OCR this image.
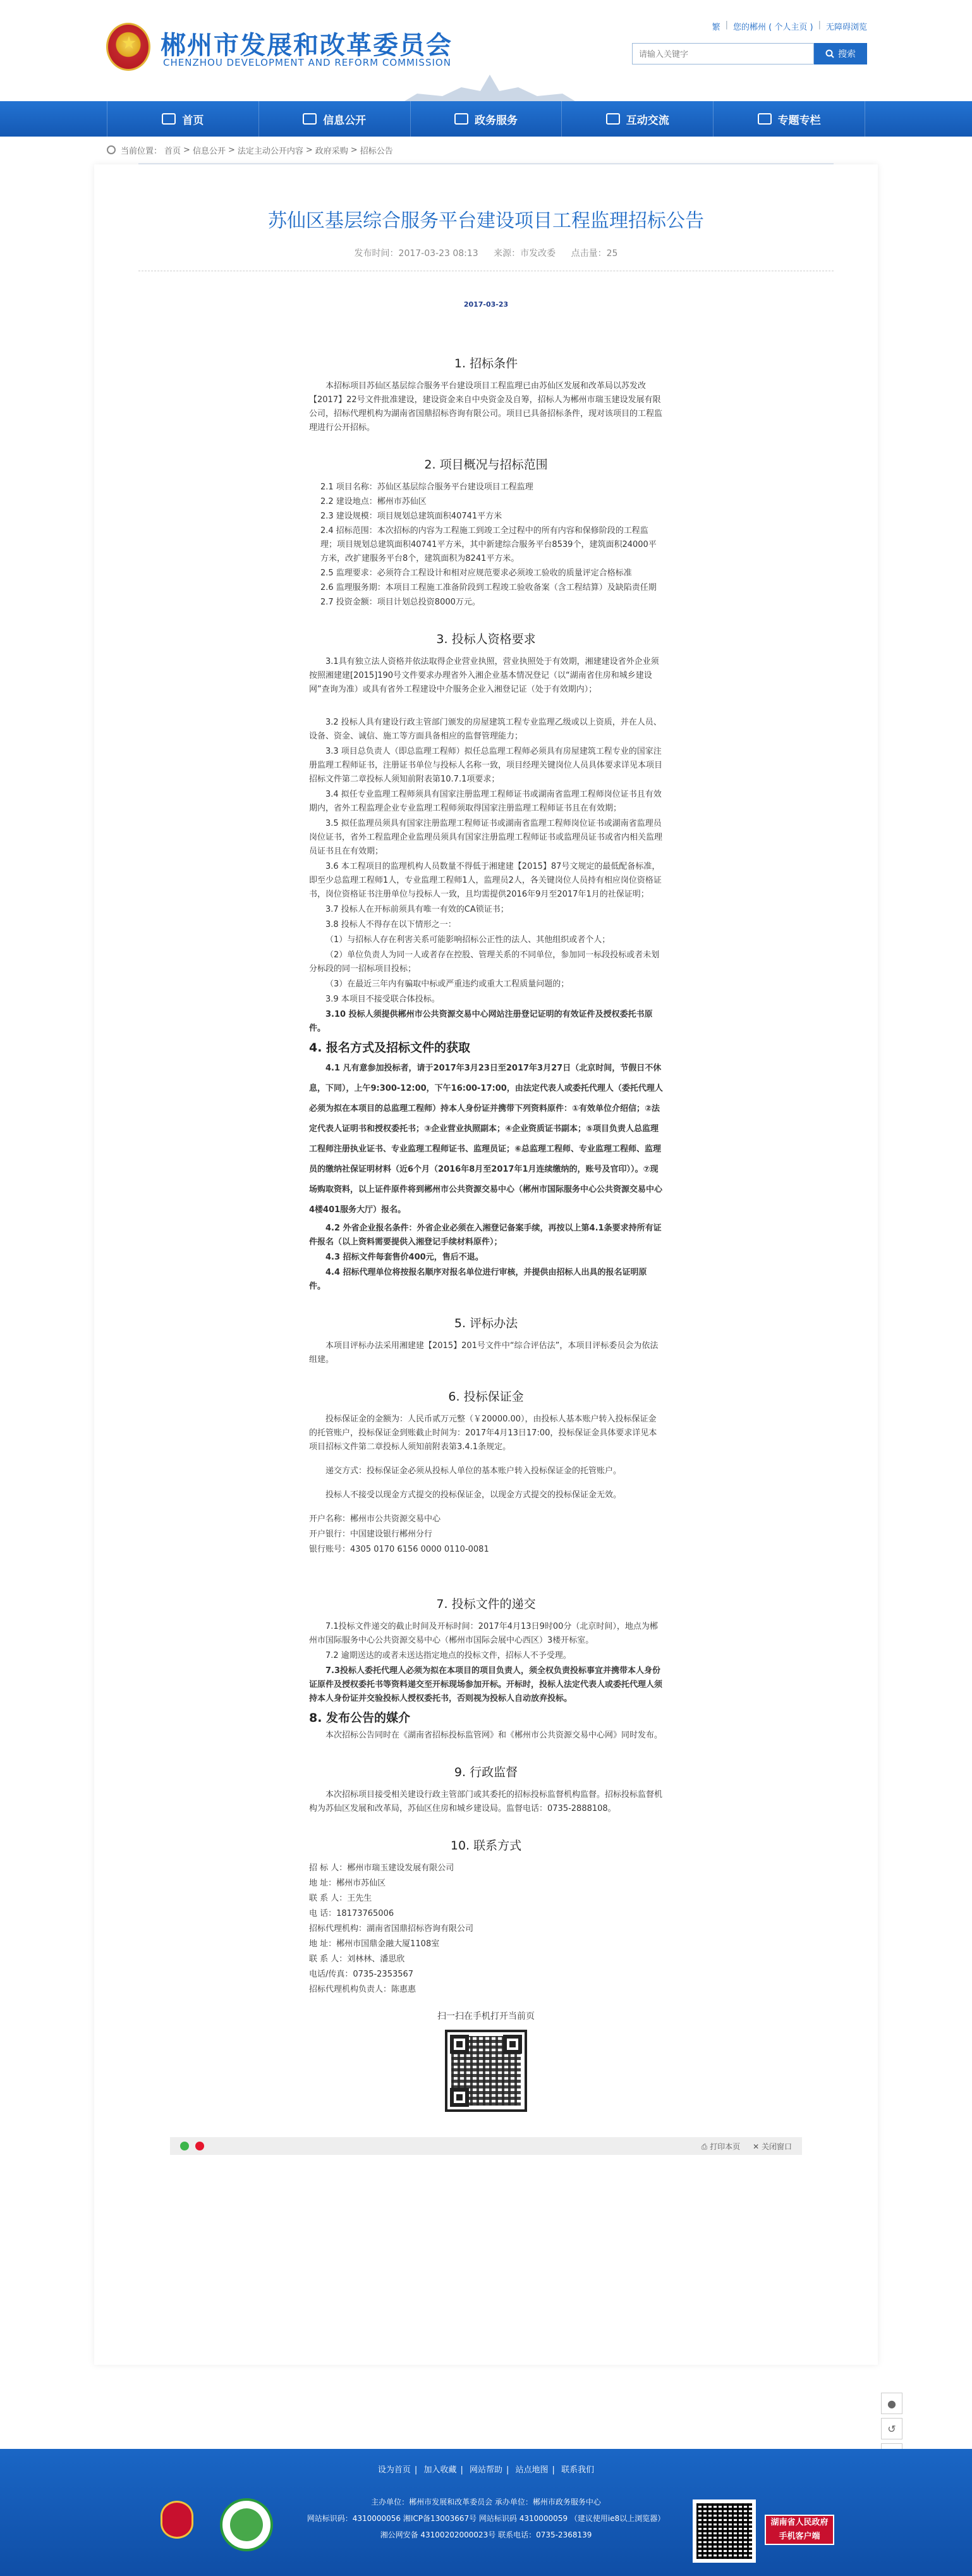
郴州市发展和改革委员会
CHENZHOU DEVELOPMENT AND REFORM COMMISSION
繁 | 您的郴州 ( 个人主页 ) | 无障碍浏览
请输入关键字
搜索
首页	信息公开	政务服务	互动交流	专题专栏
当前位置： 首页 > 信息公开 > 法定主动公开内容 > 政府采购 > 招标公告
苏仙区基层综合服务平台建设项目工程监理招标公告
发布时间：2017-03-23 08:13 来源：市发改委 点击量：25
2017-03-23
1. 招标条件

本招标项目苏仙区基层综合服务平台建设项目工程监理已由苏仙区发展和改革局以苏发改【2017】22号文件批准建设，建设资金来自中央资金及自筹，招标人为郴州市瑞玉建设发展有限公司，招标代理机构为湖南省国鼎招标咨询有限公司。项目已具备招标条件，现对该项目的工程监理进行公开招标。

2. 项目概况与招标范围

2.1 项目名称：苏仙区基层综合服务平台建设项目工程监理

2.2 建设地点：郴州市苏仙区

2.3 建设规模：项目规划总建筑面积40741平方米

2.4 招标范围：本次招标的内容为工程施工到竣工全过程中的所有内容和保修阶段的工程监理；项目规划总建筑面积40741平方米，其中新建综合服务平台8539个，建筑面积24000平方米，改扩建服务平台8个，建筑面积为8241平方米。

2.5 监理要求：必须符合工程设计和相对应规范要求必须竣工验收的质量评定合格标准

2.6 监理服务期：本项目工程施工准备阶段到工程竣工验收备案（含工程结算）及缺陷责任期

2.7 投资金额：项目计划总投资8000万元。

3. 投标人资格要求

3.1具有独立法人资格并依法取得企业营业执照，营业执照处于有效期，湘建建设省外企业须按照湘建建[2015]190号文件要求办理省外入湘企业基本情况登记（以“湖南省住房和城乡建设网”查询为准）或具有省外工程建设中介服务企业入湘登记证（处于有效期内）；

3.2 投标人具有建设行政主管部门颁发的房屋建筑工程专业监理乙级或以上资质，并在人员、设备、资金、诚信、施工等方面具备相应的监督管理能力；

3.3 项目总负责人（即总监理工程师）拟任总监理工程师必须具有房屋建筑工程专业的国家注册监理工程师证书，注册证书单位与投标人名称一致，项目经理关键岗位人员具体要求详见本项目招标文件第二章投标人须知前附表第10.7.1项要求；

3.4 拟任专业监理工程师须具有国家注册监理工程师证书或湖南省监理工程师岗位证书且有效期内，省外工程监理企业专业监理工程师须取得国家注册监理工程师证书且在有效期；

3.5 拟任监理员须具有国家注册监理工程师证书或湖南省监理工程师岗位证书或湖南省监理员岗位证书，省外工程监理企业监理员须具有国家注册监理工程师证书或监理员证书或省内相关监理员证书且在有效期；

3.6 本工程项目的监理机构人员数量不得低于湘建建【2015】87号文规定的最低配备标准，即至少总监理工程师1人，专业监理工程师1人，监理员2人，各关键岗位人员持有相应岗位资格证书，岗位资格证书注册单位与投标人一致，且均需提供2016年9月至2017年1月的社保证明；

3.7 投标人在开标前须具有唯一有效的CA锁证书；

3.8 投标人不得存在以下情形之一：

（1）与招标人存在利害关系可能影响招标公正性的法人、其他组织或者个人；

（2）单位负责人为同一人或者存在控股、管理关系的不同单位，参加同一标段投标或者未划分标段的同一招标项目投标；

（3）在最近三年内有骗取中标或严重违约或重大工程质量问题的；

3.9 本项目不接受联合体投标。

3.10 投标人须提供郴州市公共资源交易中心网站注册登记证明的有效证件及授权委托书原件。

4. 报名方式及招标文件的获取

4.1 凡有意参加投标者，请于2017年3月23日至2017年3月27日（北京时间，节假日不休息，下同），上午9:300-12:00，下午16:00-17:00，由法定代表人或委托代理人（委托代理人必须为拟在本项目的总监理工程师）持本人身份证并携带下列资料原件：①有效单位介绍信；②法定代表人证明书和授权委托书；③企业营业执照副本；④企业资质证书副本；⑤项目负责人总监理工程师注册执业证书、专业监理工程师证书、监理员证；⑥总监理工程师、专业监理工程师、监理员的缴纳社保证明材料（近6个月（2016年8月至2017年1月连续缴纳的，账号及官印））。⑦现场购取资料，以上证件原件将到郴州市公共资源交易中心（郴州市国际服务中心公共资源交易中心4楼401服务大厅）报名。

4.2 外省企业报名条件：外省企业必须在入湘登记备案手续，再按以上第4.1条要求持所有证件报名（以上资料需要提供入湘登记手续材料原件）；

4.3 招标文件每套售价400元，售后不退。

4.4 招标代理单位将按报名顺序对报名单位进行审核，并提供由招标人出具的报名证明原件。

5. 评标办法

本项目评标办法采用湘建建【2015】201号文件中“综合评估法”，本项目评标委员会为依法组建。

6. 投标保证金

投标保证金的金额为：人民币贰万元整（￥20000.00），由投标人基本账户转入投标保证金的托管账户，投标保证金到账截止时间为：2017年4月13日17:00，投标保证金具体要求详见本项目招标文件第二章投标人须知前附表第3.4.1条规定。

递交方式：投标保证金必须从投标人单位的基本账户转入投标保证金的托管账户。

投标人不接受以现金方式提交的投标保证金，以现金方式提交的投标保证金无效。

开户名称：郴州市公共资源交易中心

开户银行：中国建设银行郴州分行

银行账号：4305 0170 6156 0000 0110-0081

7. 投标文件的递交

7.1投标文件递交的截止时间及开标时间：2017年4月13日9时00分（北京时间），地点为郴州市国际服务中心公共资源交易中心（郴州市国际会展中心西区）3楼开标室。

7.2 逾期送达的或者未送达指定地点的投标文件，招标人不予受理。

7.3投标人委托代理人必须为拟在本项目的项目负责人，须全权负责投标事宜并携带本人身份证原件及授权委托书等资料递交至开标现场参加开标。开标时，投标人法定代表人或委托代理人须持本人身份证并交验投标人授权委托书，否则视为投标人自动放弃投标。

8. 发布公告的媒介

本次招标公告同时在《湖南省招标投标监管网》和《郴州市公共资源交易中心网》同时发布。

9. 行政监督

本次招标项目接受相关建设行政主管部门或其委托的招标投标监督机构监督。招标投标监督机构为苏仙区发展和改革局，苏仙区住房和城乡建设局。监督电话：0735-2888108。

10. 联系方式

招 标 人：郴州市瑞玉建设发展有限公司

地 址：郴州市苏仙区

联 系 人：王先生

电 话：18173765006

招标代理机构：湖南省国鼎招标咨询有限公司

地 址：郴州市国鼎金融大厦1108室

联 系 人：刘林林、潘思欣

电话/传真：0735-2353567

招标代理机构负责人：陈惠惠

扫一扫在手机打开当前页
⎙ 打印本页 ✕ 关闭窗口
●
↺
设为首页 | 加入收藏 | 网站帮助 | 站点地图 | 联系我们
主办单位：郴州市发展和改革委员会 承办单位：郴州市政务服务中心
网站标识码：4310000056 湘ICP备13003667号 网站标识码 4310000059 （建议使用ie8以上浏览器）
湘公网安备 43100202000023号 联系电话：0735-2368139
湖南省人民政府
手机客户端
